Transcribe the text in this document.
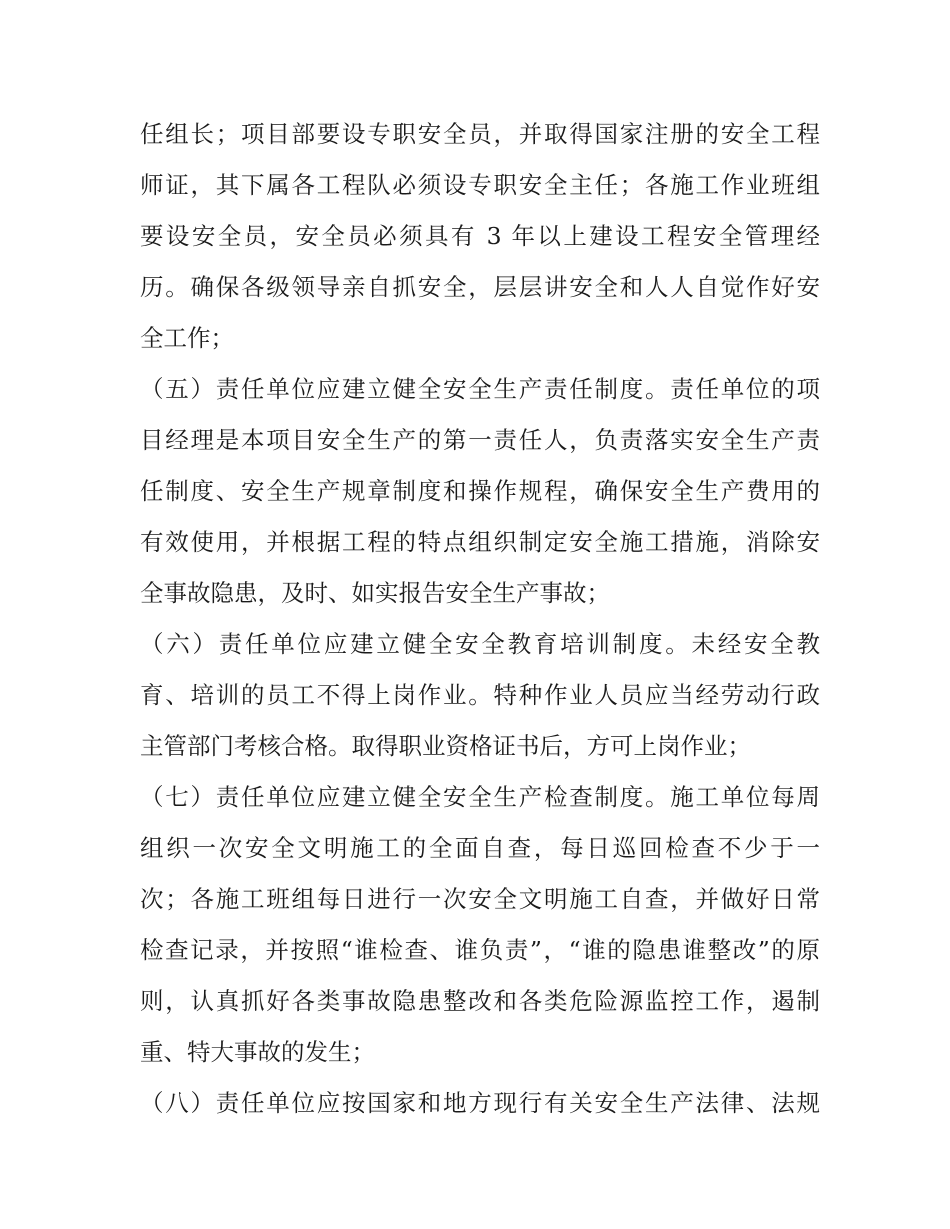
任组长；项目部要设专职安全员，并取得国家注册的安全工程
师证，其下属各工程队必须设专职安全主任；各施工作业班组
要设安全员，安全员必须具有 3 年以上建设工程安全管理经
历。确保各级领导亲自抓安全，层层讲安全和人人自觉作好安
全工作；
（五）责任单位应建立健全安全生产责任制度。责任单位的项
目经理是本项目安全生产的第一责任人，负责落实安全生产责
任制度、安全生产规章制度和操作规程，确保安全生产费用的
有效使用，并根据工程的特点组织制定安全施工措施，消除安
全事故隐患，及时、如实报告安全生产事故；
（六）责任单位应建立健全安全教育培训制度。未经安全教
育、培训的员工不得上岗作业。特种作业人员应当经劳动行政
主管部门考核合格。取得职业资格证书后，方可上岗作业；
（七）责任单位应建立健全安全生产检查制度。施工单位每周
组织一次安全文明施工的全面自查，每日巡回检查不少于一
次；各施工班组每日进行一次安全文明施工自查，并做好日常
检查记录，并按照“谁检查、谁负责”，“谁的隐患谁整改”的原
则，认真抓好各类事故隐患整改和各类危险源监控工作，遏制
重、特大事故的发生；
（八）责任单位应按国家和地方现行有关安全生产法律、法规
